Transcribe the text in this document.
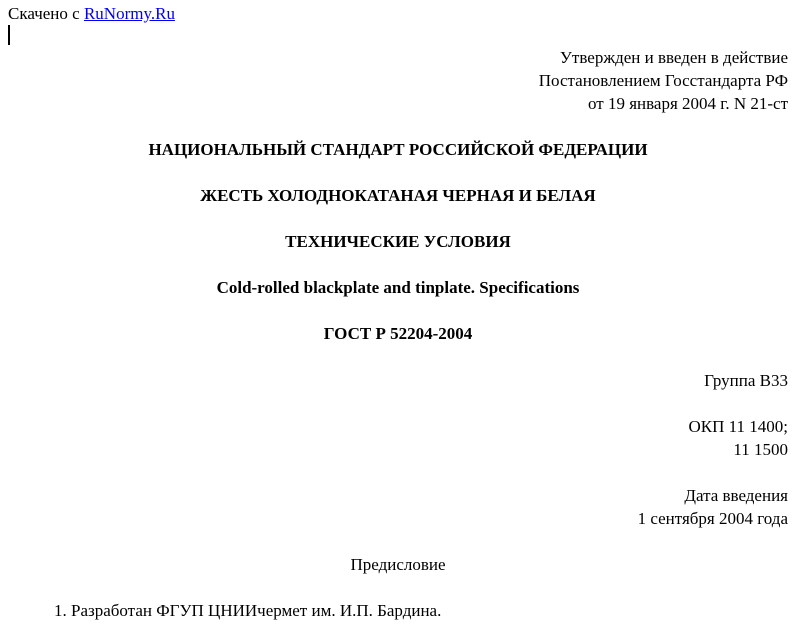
Скачено с RuNormy.Ru
Утвержден и введен в действие
Постановлением Госстандарта РФ
от 19 января 2004 г. N 21-ст
НАЦИОНАЛЬНЫЙ СТАНДАРТ РОССИЙСКОЙ ФЕДЕРАЦИИ
ЖЕСТЬ ХОЛОДНОКАТАНАЯ ЧЕРНАЯ И БЕЛАЯ
ТЕХНИЧЕСКИЕ УСЛОВИЯ
Cold-rolled blackplate and tinplate. Specifications
ГОСТ Р 52204-2004
Группа В33
ОКП 11 1400;
11 1500
Дата введения
1 сентября 2004 года
Предисловие
1. Разработан ФГУП ЦНИИчермет им. И.П. Бардина.
